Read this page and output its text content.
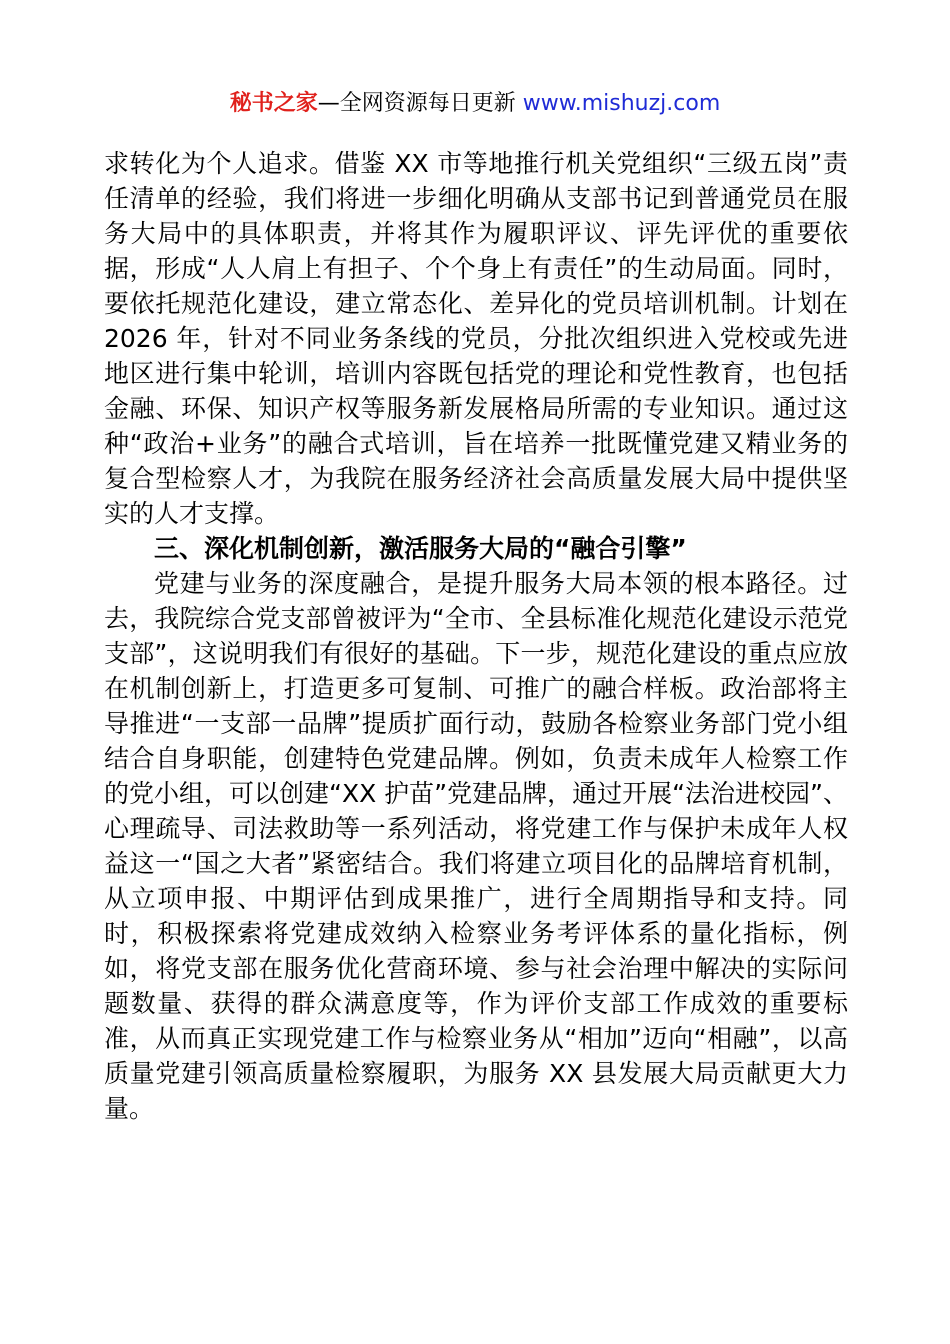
秘书之家—全网资源每日更新 www.mishuzj.com

求转化为个人追求。借鉴 XX 市等地推行机关党组织“三级五岗”责任清单的经验，我们将进一步细化明确从支部书记到普通党员在服务大局中的具体职责，并将其作为履职评议、评先评优的重要依据，形成“人人肩上有担子、个个身上有责任”的生动局面。同时，要依托规范化建设，建立常态化、差异化的党员培训机制。计划在2026 年，针对不同业务条线的党员，分批次组织进入党校或先进地区进行集中轮训，培训内容既包括党的理论和党性教育，也包括金融、环保、知识产权等服务新发展格局所需的专业知识。通过这种“政治+业务”的融合式培训，旨在培养一批既懂党建又精业务的复合型检察人才，为我院在服务经济社会高质量发展大局中提供坚实的人才支撑。

三、深化机制创新，激活服务大局的“融合引擎”

党建与业务的深度融合，是提升服务大局本领的根本路径。过去，我院综合党支部曾被评为“全市、全县标准化规范化建设示范党支部”，这说明我们有很好的基础。下一步，规范化建设的重点应放在机制创新上，打造更多可复制、可推广的融合样板。政治部将主导推进“一支部一品牌”提质扩面行动，鼓励各检察业务部门党小组结合自身职能，创建特色党建品牌。例如，负责未成年人检察工作的党小组，可以创建“XX 护苗”党建品牌，通过开展“法治进校园”、心理疏导、司法救助等一系列活动，将党建工作与保护未成年人权益这一“国之大者”紧密结合。我们将建立项目化的品牌培育机制，从立项申报、中期评估到成果推广，进行全周期指导和支持。同时，积极探索将党建成效纳入检察业务考评体系的量化指标，例如，将党支部在服务优化营商环境、参与社会治理中解决的实际问题数量、获得的群众满意度等，作为评价支部工作成效的重要标准，从而真正实现党建工作与检察业务从“相加”迈向“相融”，以高质量党建引领高质量检察履职，为服务 XX 县发展大局贡献更大力量。
